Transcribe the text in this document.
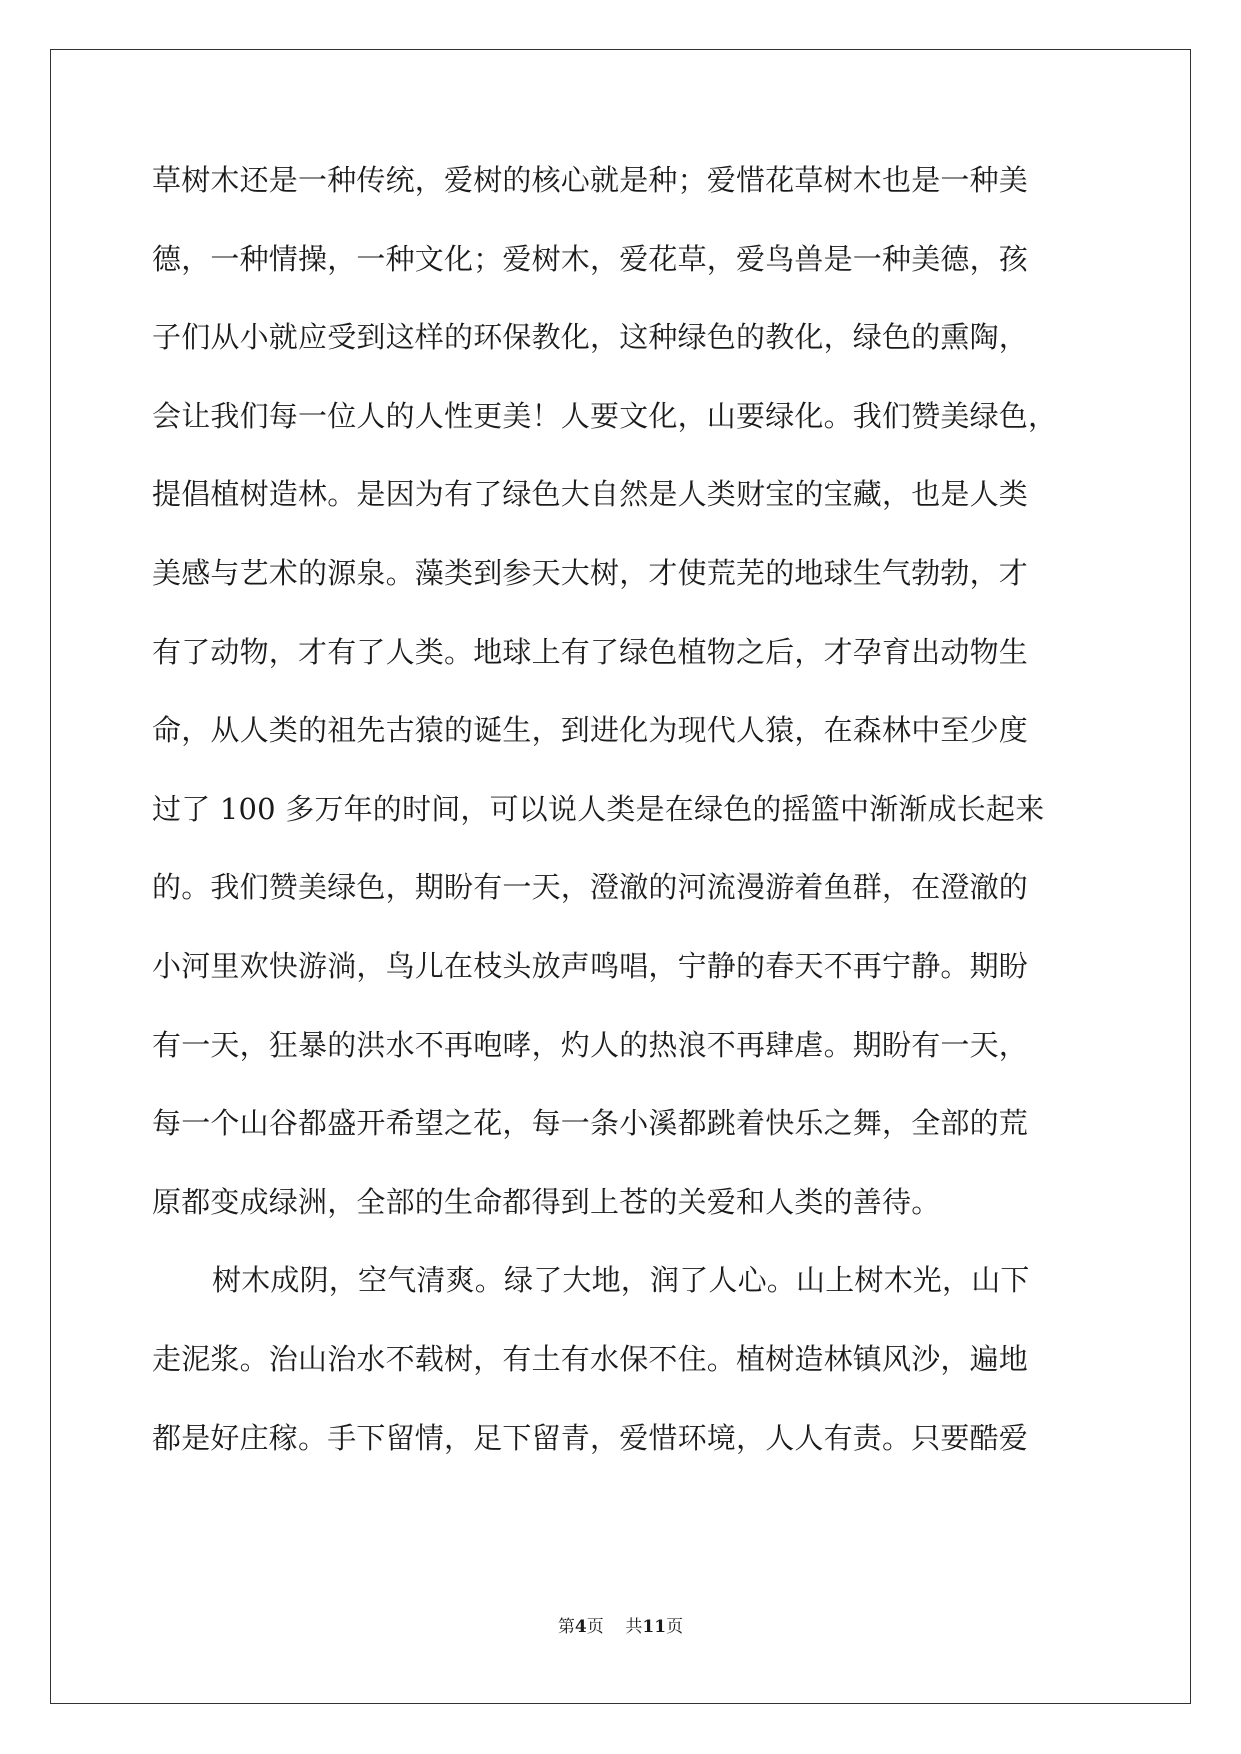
草树木还是一种传统，爱树的核心就是种；爱惜花草树木也是一种美
德，一种情操，一种文化；爱树木，爱花草，爱鸟兽是一种美德，孩
子们从小就应受到这样的环保教化，这种绿色的教化，绿色的熏陶，
会让我们每一位人的人性更美！人要文化，山要绿化。我们赞美绿色，
提倡植树造林。是因为有了绿色大自然是人类财宝的宝藏，也是人类
美感与艺术的源泉。藻类到参天大树，才使荒芜的地球生气勃勃，才
有了动物，才有了人类。地球上有了绿色植物之后，才孕育出动物生
命，从人类的祖先古猿的诞生，到进化为现代人猿，在森林中至少度
过了 100 多万年的时间，可以说人类是在绿色的摇篮中渐渐成长起来
的。我们赞美绿色，期盼有一天，澄澈的河流漫游着鱼群，在澄澈的
小河里欢快游淌，鸟儿在枝头放声鸣唱，宁静的春天不再宁静。期盼
有一天，狂暴的洪水不再咆哮，灼人的热浪不再肆虐。期盼有一天，
每一个山谷都盛开希望之花，每一条小溪都跳着快乐之舞，全部的荒
原都变成绿洲，全部的生命都得到上苍的关爱和人类的善待。
树木成阴，空气清爽。绿了大地，润了人心。山上树木光，山下
走泥浆。治山治水不载树，有土有水保不住。植树造林镇风沙，遍地
都是好庄稼。手下留情，足下留青，爱惜环境，人人有责。只要酷爱
第4页 共11页
